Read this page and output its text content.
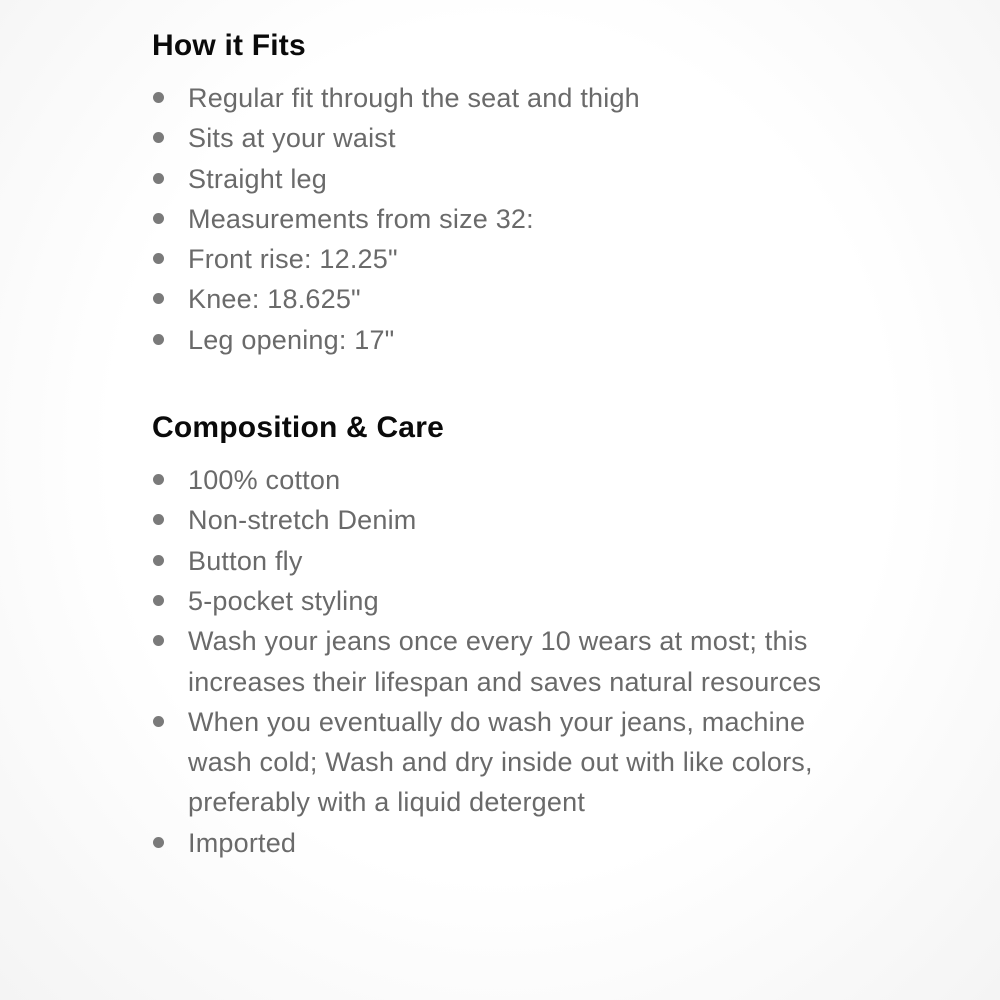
How it Fits
Regular fit through the seat and thigh
Sits at your waist
Straight leg
Measurements from size 32:
Front rise: 12.25"
Knee: 18.625"
Leg opening: 17"
Composition & Care
100% cotton
Non-stretch Denim
Button fly
5-pocket styling
Wash your jeans once every 10 wears at most; this increases their lifespan and saves natural resources
When you eventually do wash your jeans, machine wash cold; Wash and dry inside out with like colors, preferably with a liquid detergent
Imported
